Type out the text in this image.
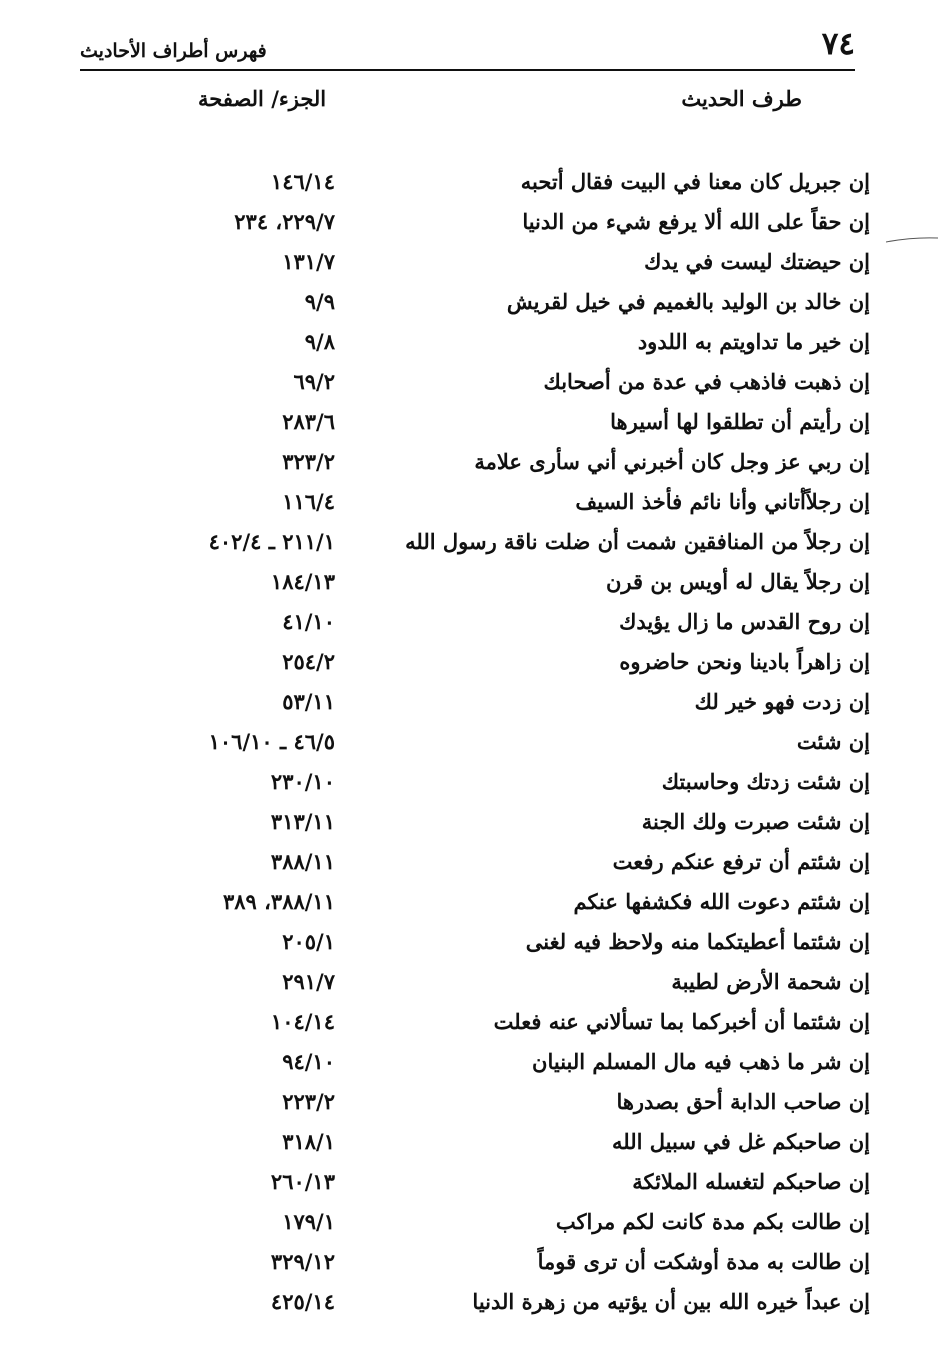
٧٤
فهرس أطراف الأحاديث
طرف الحديث
الجزء/ الصفحة
إن جبريل كان معنا في البيت فقال أتحبه
١٤٦/١٤
إن حقاً على الله ألا يرفع شيء من الدنيا
٢٢٩/٧، ٢٣٤
إن حيضتك ليست في يدك
١٣١/٧
إن خالد بن الوليد بالغميم في خيل لقريش
٩/٩
إن خير ما تداويتم به اللدود
٩/٨
إن ذهبت فاذهب في عدة من أصحابك
٦٩/٢
إن رأيتم أن تطلقوا لها أسيرها
٢٨٣/٦
إن ربي عز وجل كان أخبرني أني سأرى علامة
٣٢٣/٢
إن رجلاًأتاني وأنا نائم فأخذ السيف
١١٦/٤
إن رجلاً من المنافقين شمت أن ضلت ناقة رسول الله
٢١١/١ ـ ٤٠٢/٤
إن رجلاً يقال له أويس بن قرن
١٨٤/١٣
إن روح القدس ما زال يؤيدك
٤١/١٠
إن زاهراً بادينا ونحن حاضروه
٢٥٤/٢
إن زدت فهو خير لك
٥٣/١١
إن شئت
٤٦/٥ ـ ١٠٦/١٠
إن شئت زدتك وحاسبتك
٢٣٠/١٠
إن شئت صبرت ولك الجنة
٣١٣/١١
إن شئتم أن ترفع عنكم رفعت
٣٨٨/١١
إن شئتم دعوت الله فكشفها عنكم
٣٨٨/١١، ٣٨٩
إن شئتما أعطيتكما منه ولاحظ فيه لغنى
٢٠٥/١
إن شحمة الأرض لطيبة
٢٩١/٧
إن شئتما أن أخبركما بما تسألاني عنه فعلت
١٠٤/١٤
إن شر ما ذهب فيه مال المسلم البنيان
٩٤/١٠
إن صاحب الدابة أحق بصدرها
٢٢٣/٢
إن صاحبكم غل في سبيل الله
٣١٨/١
إن صاحبكم لتغسله الملائكة
٢٦٠/١٣
إن طالت بكم مدة كانت لكم مراكب
١٧٩/١
إن طالت به مدة أوشكت أن ترى قوماً
٣٢٩/١٢
إن عبداً خيره الله بين أن يؤتيه من زهرة الدنيا
٤٢٥/١٤
